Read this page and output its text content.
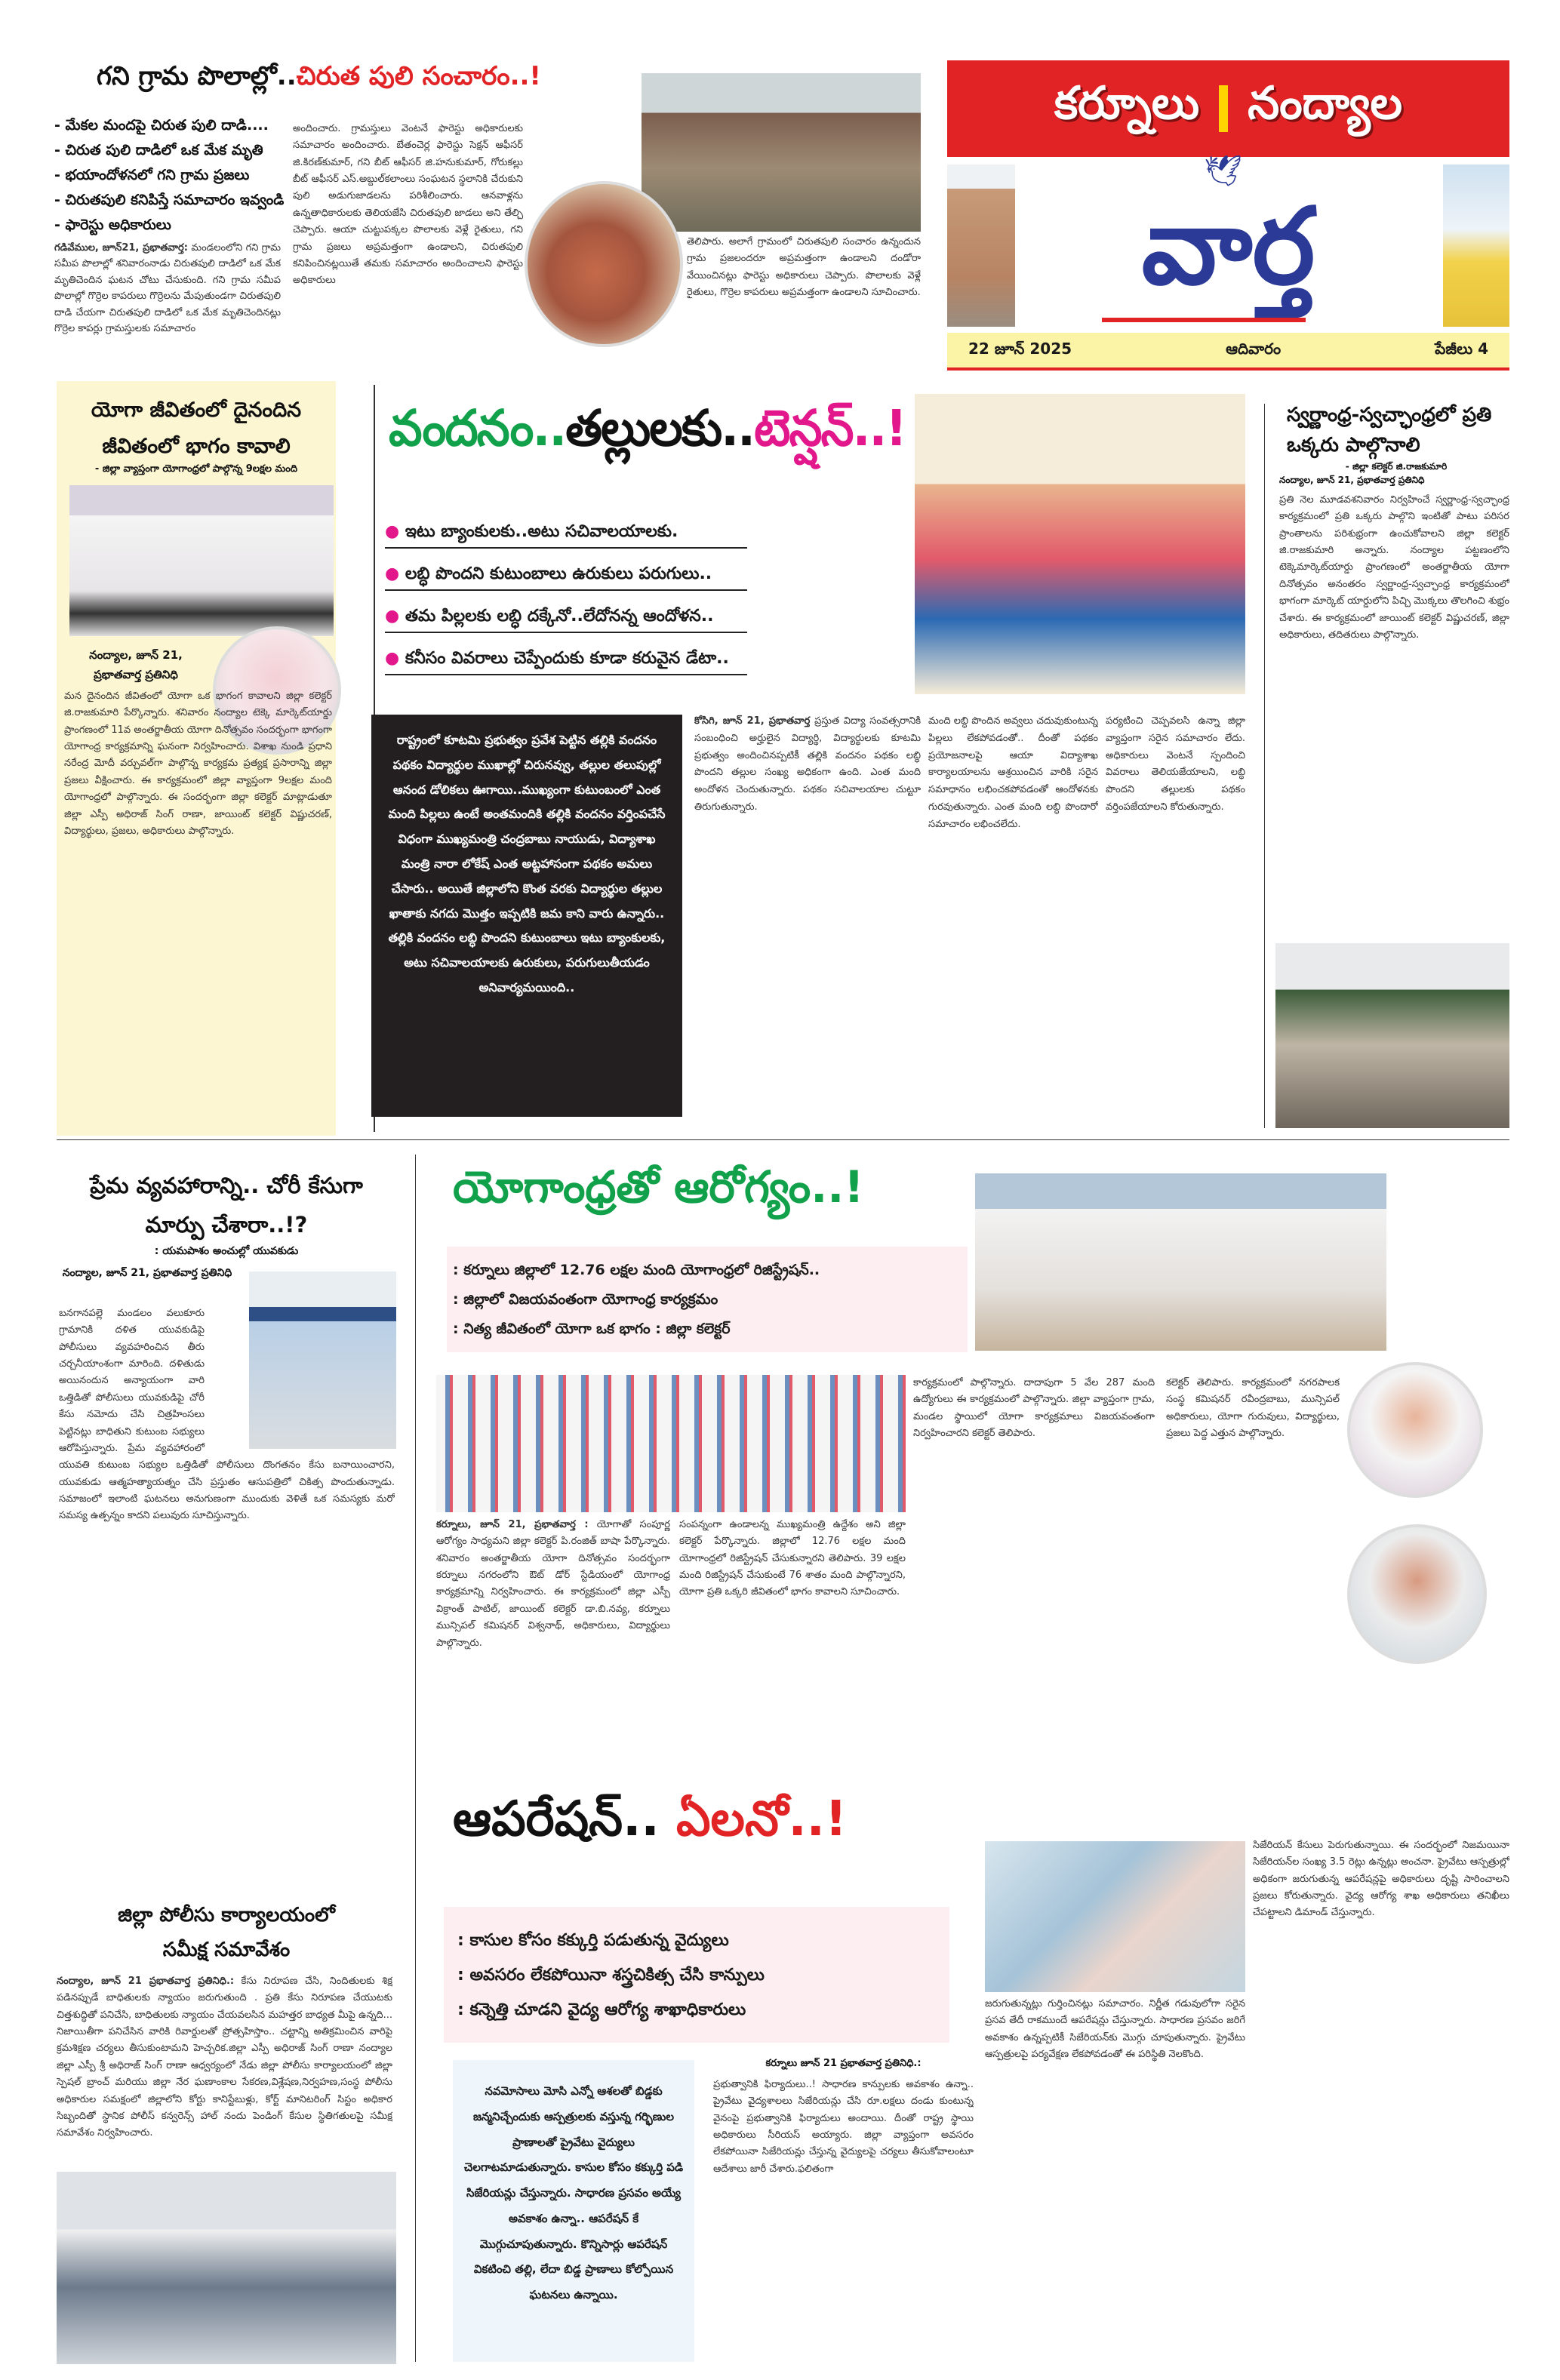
గని గ్రామ పొలాల్లో..చిరుత పులి సంచారం..!
- మేకల మందపై చిరుత పులి దాడి....
- చిరుత పులి దాడిలో ఒక మేక మృతి
- భయాందోళనలో గని గ్రామ ప్రజలు
- చిరుతపులి కనిపిస్తే సమాచారం ఇవ్వండి
- ఫారెస్టు అధికారులు
గడివేముల, జూన్21, ప్రభాతవార్త: మండలంలోని గని గ్రామ సమీప పొలాల్లో శనివారంనాడు చిరుతపులి దాడిలో ఒక మేక మృతిచెందిన ఘటన చోటు చేసుకుంది. గని గ్రామ సమీప పొలాల్లో గొర్రెల కాపరులు గొర్రెలను మేపుతుండగా చిరుతపులి దాడి చేయగా చిరుతపులి దాడిలో ఒక మేక మృతిచెందినట్లు గొర్రెల కాపర్లు గ్రామస్తులకు సమాచారం
అందించారు. గ్రామస్తులు వెంటనే ఫారెస్టు అధికారులకు సమాచారం అందించారు. బేతంచెర్ల ఫారెస్టు సెక్షన్ ఆఫీసర్ జి.కిరణ్‌కుమార్, గని బీట్ ఆఫీసర్ జి.హనుకుమార్, గోరుకల్లు బీట్ ఆఫీసర్ ఎస్.అబ్దుల్‌కలాంలు సంఘటన స్థలానికి చేరుకుని పులి అడుగుజాడలను పరిశీలించారు. ఆనవాళ్లను ఉన్నతాధికారులకు తెలియజేసి చిరుతపులి జాడలు అని తేల్చి చెప్పారు. ఆయా చుట్టుపక్కల పొలాలకు వెళ్లే రైతులు, గని గ్రామ ప్రజలు అప్రమత్తంగా ఉండాలని, చిరుతపులి కనిపించినట్లయితే తమకు సమాచారం అందించాలని ఫారెస్టు అధికారులు
తెలిపారు. అలాగే గ్రామంలో చిరుతపులి సంచారం ఉన్నందున గ్రామ ప్రజలందరూ అప్రమత్తంగా ఉండాలని దండోరా వేయించినట్లు ఫారెస్టు అధికారులు చెప్పారు. పొలాలకు వెళ్లే రైతులు, గొర్రెల కాపరులు అప్రమత్తంగా ఉండాలని సూచించారు.
కర్నూలు నంద్యాల
🕊
వార్త
22 జూన్ 2025	ఆదివారం	పేజీలు 4
యోగా జీవితంలో దైనందిన జీవితంలో భాగం కావాలి
- జిల్లా వ్యాప్తంగా యోగాంధ్రలో పాల్గొన్న 9లక్షల మంది
నంద్యాల, జూన్ 21, ప్రభాతవార్త ప్రతినిధి
మన దైనందిన జీవితంలో యోగా ఒక భాగంగ కావాలని జిల్లా కలెక్టర్ జి.రాజకుమారి పేర్కొన్నారు. శనివారం నంద్యాల టెక్కె మార్కెట్‌యార్డు ప్రాంగణంలో 11వ అంతర్జాతీయ యోగా దినోత్సవం సందర్భంగా భాగంగా యోగాంధ్ర కార్యక్రమాన్ని ఘనంగా నిర్వహించారు. విశాఖ నుండి ప్రధాని నరేంద్ర మోదీ వర్చువల్‌గా పాల్గొన్న కార్యక్రమ ప్రత్యక్ష ప్రసారాన్ని జిల్లా ప్రజలు వీక్షించారు. ఈ కార్యక్రమంలో జిల్లా వ్యాప్తంగా 9లక్షల మంది యోగాంధ్రలో పాల్గొన్నారు. ఈ సందర్భంగా జిల్లా కలెక్టర్ మాట్లాడుతూ జిల్లా ఎస్పీ అధిరాజ్ సింగ్ రాణా, జాయింట్ కలెక్టర్ విష్ణుచరణ్, విద్యార్థులు, ప్రజలు, అధికారులు పాల్గొన్నారు.
వందనం..తల్లులకు..టెన్షన్..!
● ఇటు బ్యాంకులకు..అటు సచివాలయాలకు.
● లబ్ధి పొందని కుటుంబాలు ఉరుకులు పరుగులు..
● తమ పిల్లలకు లబ్ధి దక్కేనో..లేదోనన్న ఆందోళన..
● కనీసం వివరాలు చెప్పేందుకు కూడా కరువైన డేటా..
రాష్ట్రంలో కూటమి ప్రభుత్వం ప్రవేశ పెట్టిన తల్లికి వందనం పథకం విద్యార్థుల ముఖాల్లో చిరునవ్వు, తల్లుల తలుపుల్లో ఆనంద డోలికలు ఊగాయి..ముఖ్యంగా కుటుంబంలో ఎంత మంది పిల్లలు ఉంటే అంతమందికి తల్లికి వందనం వర్తింపచేసే విధంగా ముఖ్యమంత్రి చంద్రబాబు నాయుడు, విద్యాశాఖ మంత్రి నారా లోకేష్ ఎంత అట్టహాసంగా పథకం అమలు చేసారు.. అయితే జిల్లాలోని కొంత వరకు విద్యార్థుల తల్లుల ఖాతాకు నగదు మొత్తం ఇప్పటికి జమ కాని వారు ఉన్నారు.. తల్లికి వందనం లబ్ధి పొందని కుటుంబాలు ఇటు బ్యాంకులకు, అటు సచివాలయాలకు ఉరుకులు, పరుగులుతీయడం అనివార్యమయింది..
కోసిగి, జూన్ 21, ప్రభాతవార్త ప్రస్తుత విద్యా సంవత్సరానికి సంబంధించి అర్హులైన విద్యార్థి, విద్యార్థులకు కూటమి ప్రభుత్వం అందించినప్పటికీ తల్లికి వందనం పథకం లబ్ధి పొందని తల్లుల సంఖ్య అధికంగా ఉంది. ఎంత మంది అందోళన చెందుతున్నారు. పథకం సచివాలయాల చుట్టూ తిరుగుతున్నారు.
మంది లబ్ధి పొందిన అవ్వలు చదువుకుంటున్న పిల్లలు లేకపోవడంతో.. దీంతో పథకం ప్రయోజనాలపై ఆయా విద్యాశాఖ కార్యాలయాలను ఆశ్రయించిన వారికి సరైన సమాధానం లభించకపోవడంతో ఆందోళనకు గురవుతున్నారు. ఎంత మంది లబ్ధి పొందారో సమాచారం లభించలేదు.
పర్యటించి చెప్పవలసి ఉన్నా జిల్లా వ్యాప్తంగా సరైన సమాచారం లేదు. అధికారులు వెంటనే స్పందించి వివరాలు తెలియజేయాలని, లబ్ధి పొందని తల్లులకు పథకం వర్తింపజేయాలని కోరుతున్నారు.
స్వర్ణాంధ్ర-స్వచ్ఛాంధ్రలో ప్రతి ఒక్కరు పాల్గొనాలి
- జిల్లా కలెక్టర్ జి.రాజకుమారి
నంద్యాల, జూన్ 21, ప్రభాతవార్త ప్రతినిధి
ప్రతి నెల మూడవశనివారం నిర్వహించే స్వర్ణాంధ్ర-స్వచ్ఛాంధ్ర కార్యక్రమంలో ప్రతి ఒక్కరు పాల్గొని ఇంటితో పాటు పరిసర ప్రాంతాలను పరిశుభ్రంగా ఉంచుకోవాలని జిల్లా కలెక్టర్ జి.రాజకుమారి అన్నారు. నంద్యాల పట్టణంలోని టెక్కెమార్కెట్‌యార్డు ప్రాంగణంలో అంతర్జాతీయ యోగా దినోత్సవం అనంతరం స్వర్ణాంధ్ర-స్వచ్ఛాంధ్ర కార్యక్రమంలో భాగంగా మార్కెట్ యార్డులోని పిచ్చి మొక్కలు తొలగించి శుభ్రం చేశారు. ఈ కార్యక్రమంలో జాయింట్ కలెక్టర్ విష్ణుచరణ్, జిల్లా అధికారులు, తదితరులు పాల్గొన్నారు.
ప్రేమ వ్యవహారాన్ని.. చోరీ కేసుగా మార్పు చేశారా..!?
: యమపాశం అంచుల్లో యువకుడు
నంద్యాల, జూన్ 21, ప్రభాతవార్త ప్రతినిధి
బనగానపల్లె మండలం వలుకూరు గ్రామానికి దళిత యువకుడిపై పోలీసులు వ్యవహరించిన తీరు చర్చనీయాంశంగా మారింది. దళితుడు అయినందున అన్యాయంగా వారి ఒత్తిడితో పోలీసులు యువకుడిపై చోరీ కేసు నమోదు చేసి చిత్రహింసలు పెట్టినట్లు బాధితుని కుటుంబ సభ్యులు ఆరోపిస్తున్నారు. ప్రేమ వ్యవహారంలో యువతి కుటుంబ సభ్యుల ఒత్తిడితో పోలీసులు దొంగతనం కేసు బనాయించారని, యువకుడు ఆత్మహత్యాయత్నం చేసి ప్రస్తుతం ఆసుపత్రిలో చికిత్స పొందుతున్నాడు. సమాజంలో ఇలాంటి ఘటనలు అనుగుణంగా ముందుకు వెళితే ఒక సమస్యకు మరో సమస్య ఉత్పన్నం కాదని పలువురు సూచిస్తున్నారు.
జిల్లా పోలీసు కార్యాలయంలో సమీక్ష సమావేశం
నంద్యాల, జూన్ 21 ప్రభాతవార్త ప్రతినిధి.: కేసు నిరూపణ చేసి, నిందితులకు శిక్ష పడినప్పుడే బాధితులకు న్యాయం జరుగుతుంది . ప్రతి కేసు నిరూపణ చేయుటకు చిత్తశుద్ధితో పనిచేసి, బాధితులకు న్యాయం చేయవలసిన మహత్తర బాధ్యత మీపై ఉన్నది... నిజాయితీగా పనిచేసిన వారికి రివార్డులతో ప్రోత్సహిస్తాం.. చట్టాన్ని అతిక్రమించిన వారిపై క్రమశిక్షణ చర్యలు తీసుకుంటామని హెచ్చరిక.జిల్లా ఎస్పీ అధిరాజ్ సింగ్ రాణా నంద్యాల జిల్లా ఎస్పీ శ్రీ అధిరాజ్ సింగ్ రాణా ఆధ్వర్యంలో నేడు జిల్లా పోలీసు కార్యాలయంలో జిల్లా స్పెషల్ బ్రాంచ్ మరియు జిల్లా నేర ఘణాంకాల సేకరణ,విశ్లేషణ,నిర్వహణ,సంస్థ పోలీసు అధికారుల సమక్షంలో జిల్లాలోని కోర్టు కానిస్టేబుళ్లు, కోర్ట్ మానిటరింగ్ సిస్టం అధికార సిబ్బందితో స్థానిక పోలీస్ కన్వరెన్స్ హాల్ నందు పెండింగ్ కేసుల స్థితిగతులపై సమీక్ష సమావేశం నిర్వహించారు.
యోగాంధ్రతో ఆరోగ్యం..!
: కర్నూలు జిల్లాలో 12.76 లక్షల మంది యోగాంధ్రలో రిజిస్ట్రేషన్..
: జిల్లాలో విజయవంతంగా యోగాంధ్ర కార్యక్రమం
: నిత్య జీవితంలో యోగా ఒక భాగం : జిల్లా కలెక్టర్
కర్నూలు, జూన్ 21, ప్రభాతవార్త : యోగాతో సంపూర్ణ ఆరోగ్యం సాధ్యమని జిల్లా కలెక్టర్ పి.రంజిత్ బాషా పేర్కొన్నారు. శనివారం అంతర్జాతీయ యోగా దినోత్సవం సందర్భంగా కర్నూలు నగరంలోని ఔట్ డోర్ స్టేడియంలో యోగాంధ్ర కార్యక్రమాన్ని నిర్వహించారు. ఈ కార్యక్రమంలో జిల్లా ఎస్పీ విక్రాంత్ పాటిల్, జాయింట్ కలెక్టర్ డా.బి.నవ్య, కర్నూలు మున్సిపల్ కమిషనర్ విశ్వనాథ్, అధికారులు, విద్యార్థులు పాల్గొన్నారు.
సంపన్నంగా ఉండాలన్న ముఖ్యమంత్రి ఉద్దేశం అని జిల్లా కలెక్టర్ పేర్కొన్నారు. జిల్లాలో 12.76 లక్షల మంది యోగాంధ్రలో రిజిస్ట్రేషన్ చేసుకున్నారని తెలిపారు. 39 లక్షల మంది రిజిస్ట్రేషన్ చేసుకుంటే 76 శాతం మంది పాల్గొన్నారని, యోగా ప్రతి ఒక్కరి జీవితంలో భాగం కావాలని సూచించారు.
కార్యక్రమంలో పాల్గొన్నారు. దాదాపుగా 5 వేల 287 మంది ఉద్యోగులు ఈ కార్యక్రమంలో పాల్గొన్నారు. జిల్లా వ్యాప్తంగా గ్రామ, మండల స్థాయిలో యోగా కార్యక్రమాలు విజయవంతంగా నిర్వహించారని కలెక్టర్ తెలిపారు.
కలెక్టర్ తెలిపారు. కార్యక్రమంలో నగరపాలక సంస్థ కమిషనర్ రవీంద్రబాబు, మున్సిపల్ అధికారులు, యోగా గురువులు, విద్యార్థులు, ప్రజలు పెద్ద ఎత్తున పాల్గొన్నారు.
ఆపరేషన్.. ఏలనో..!
: కాసుల కోసం కక్కుర్తి పడుతున్న వైద్యులు
: అవసరం లేకపోయినా శస్త్రచికిత్స చేసి కాన్పులు
: కన్నెత్తి చూడని వైద్య ఆరోగ్య శాఖాధికారులు
సిజేరియన్ కేసులు పెరుగుతున్నాయి. ఈ సందర్భంలో నిజమయినా సిజేరియన్‌ల సంఖ్య 3.5 రెట్లు ఉన్నట్లు అంచనా. ప్రైవేటు ఆస్పత్రుల్లో అధికంగా జరుగుతున్న ఆపరేషన్లపై అధికారులు దృష్టి సారించాలని ప్రజలు కోరుతున్నారు. వైద్య ఆరోగ్య శాఖ అధికారులు తనిఖీలు చేపట్టాలని డిమాండ్ చేస్తున్నారు.
నవమోసాలు మోసి ఎన్నో ఆశలతో బిడ్డకు జన్మనిచ్చేందుకు ఆస్పత్రులకు వస్తున్న గర్భిణుల ప్రాణాలతో ప్రైవేటు వైద్యులు చెలగాటమాడుతున్నారు. కాసుల కోసం కక్కుర్తి పడి సిజేరియన్లు చేస్తున్నారు. సాధారణ ప్రసవం అయ్యే అవకాశం ఉన్నా.. ఆపరేషన్ కే మొగ్గుచూపుతున్నారు. కొన్నిసార్లు ఆపరేషన్ వికటించి తల్లి, లేదా బిడ్డ ప్రాణాలు కోల్పోయిన ఘటనలు ఉన్నాయి.
కర్నూలు జూన్ 21 ప్రభాతవార్త ప్రతినిధి.:
ప్రభుత్వానికి ఫిర్యాదులు..! సాధారణ కాన్పులకు అవకాశం ఉన్నా.. ప్రైవేటు వైద్యశాలలు సిజేరియన్లు చేసి రూ.లక్షలు దండు కుంటున్న వైనంపై ప్రభుత్వానికి ఫిర్యాదులు అందాయి. దీంతో రాష్ట్ర స్థాయి అధికారులు సీరియస్ అయ్యారు. జిల్లా వ్యాప్తంగా అవసరం లేకపోయినా సిజేరియన్లు చేస్తున్న వైద్యులపై చర్యలు తీసుకోవాలంటూ ఆదేశాలు జారీ చేశారు.ఫలితంగా
జరుగుతున్నట్లు గుర్తించినట్లు సమాచారం. నిర్ణీత గడువులోగా సరైన ప్రసవ తేదీ రాకముందే ఆపరేషన్లు చేస్తున్నారు. సాధారణ ప్రసవం జరిగే అవకాశం ఉన్నప్పటికీ సిజేరియన్‌కు మొగ్గు చూపుతున్నారు. ప్రైవేటు ఆస్పత్రులపై పర్యవేక్షణ లేకపోవడంతో ఈ పరిస్థితి నెలకొంది.
